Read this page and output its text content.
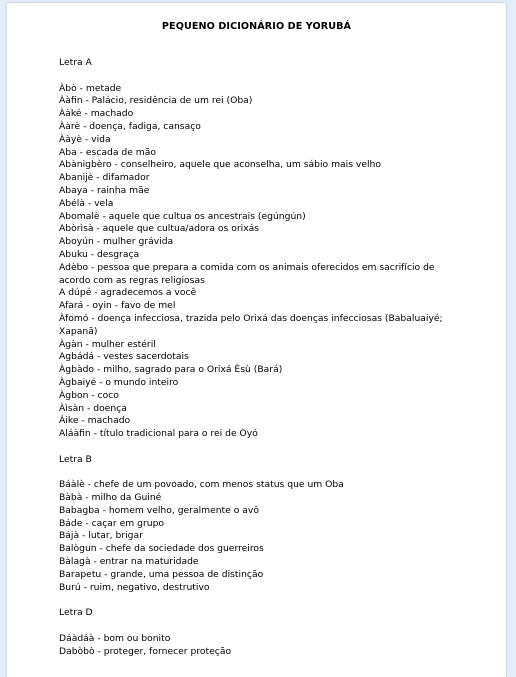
PEQUENO DICIONÁRIO DE YORUBÁ
Letra A
Àbò - metade
Ààfin - Palácio, residência de um rei (Oba)
Ààké - machado
Ààrè - doença, fadiga, cansaço
Ààyè - vida
Aba - escada de mão
Abànigbèro - conselheiro, aquele que aconselha, um sábio mais velho
Abanijè - difamador
Abaya - rainha mãe
Abélà - vela
Abomalè - aquele que cultua os ancestrais (egúngún)
Abòrìsà - aquele que cultua/adora os orixás
Aboyún - mulher grávida
Abuku - desgraça
Adèbo - pessoa que prepara a comida com os animais oferecidos em sacrifício de acordo com as regras religiosas
A dúpé - agradecemos a você
Afará - oyin - favo de mel
Àfomó - doença infecciosa, trazida pelo Orixá das doenças infecciosas (Babaluaiyé; Xapanã)
Àgàn - mulher estéril
Agbádá - vestes sacerdotais
Àgbàdo - milho, sagrado para o Orixá Èsù (Bará)
Àgbaiyé - o mundo inteiro
Àgbon - coco
Àìsàn - doença
Áike - machado
Aláàfin - título tradicional para o rei de Oyó
Letra B
Báàlè - chefe de um povoado, com menos status que um Oba
Bàbà - milho da Guiné
Babagba - homem velho, geralmente o avô
Báde - caçar em grupo
Bájà - lutar, brigar
Balògun - chefe da sociedade dos guerreiros
Bàlagà - entrar na maturidade
Barapetu - grande, uma pessoa de distinção
Burú - ruim, negativo, destrutivo
Letra D
Dáàdáà - bom ou bonito
Dabòbò - proteger, fornecer proteção
